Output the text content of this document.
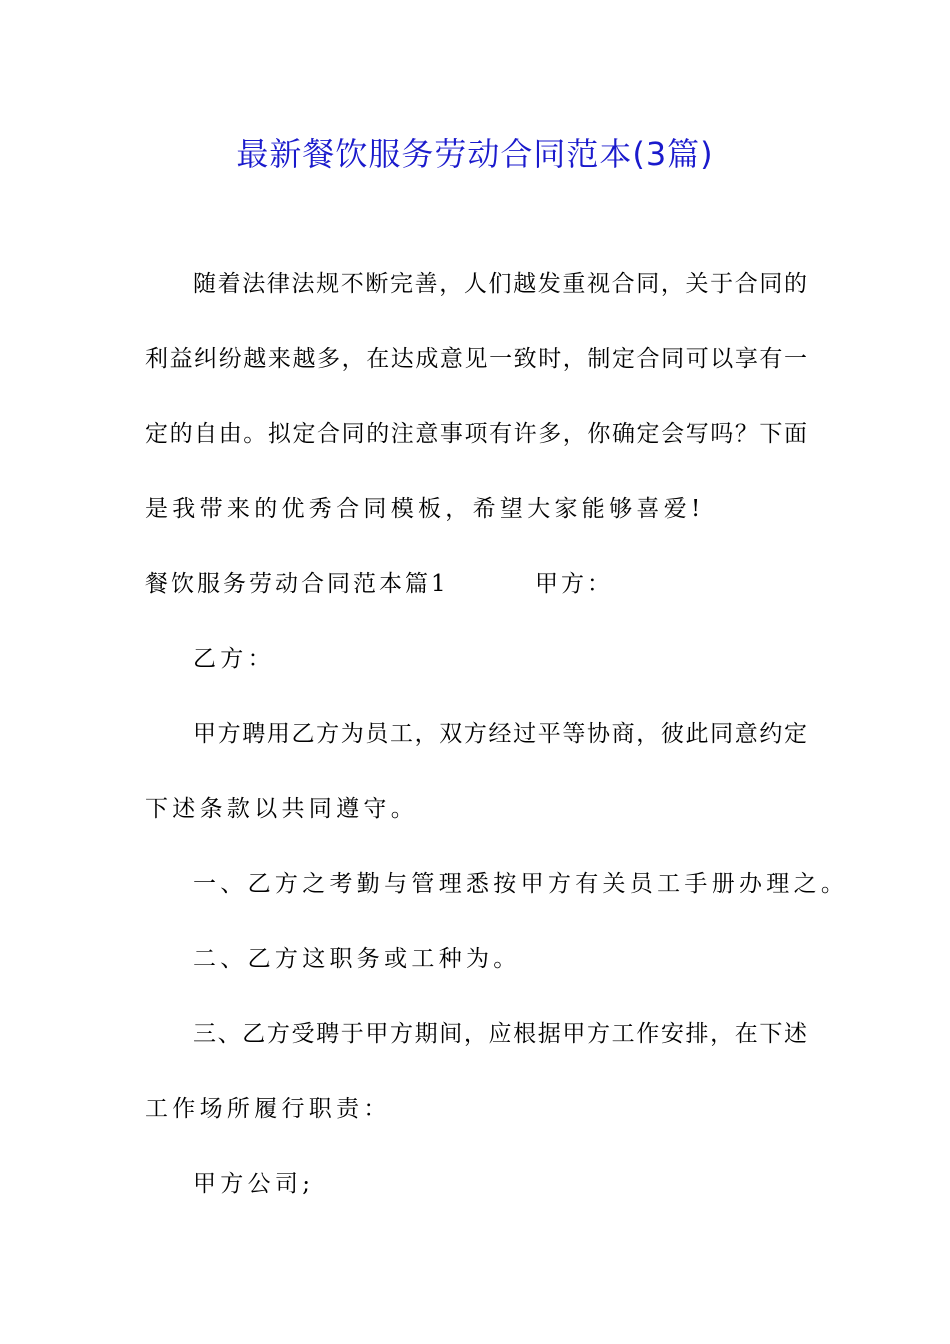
最新餐饮服务劳动合同范本(3篇)
随着法律法规不断完善，人们越发重视合同，关于合同的
利益纠纷越来越多，在达成意见一致时，制定合同可以享有一
定的自由。拟定合同的注意事项有许多，你确定会写吗？下面
是我带来的优秀合同模板，希望大家能够喜爱!
餐饮服务劳动合同范本篇1	甲方：
乙方：
甲方聘用乙方为员工，双方经过平等协商，彼此同意约定
下述条款以共同遵守。
一、乙方之考勤与管理悉按甲方有关员工手册办理之。
二、乙方这职务或工种为。
三、乙方受聘于甲方期间，应根据甲方工作安排，在下述
工作场所履行职责：
甲方公司;
